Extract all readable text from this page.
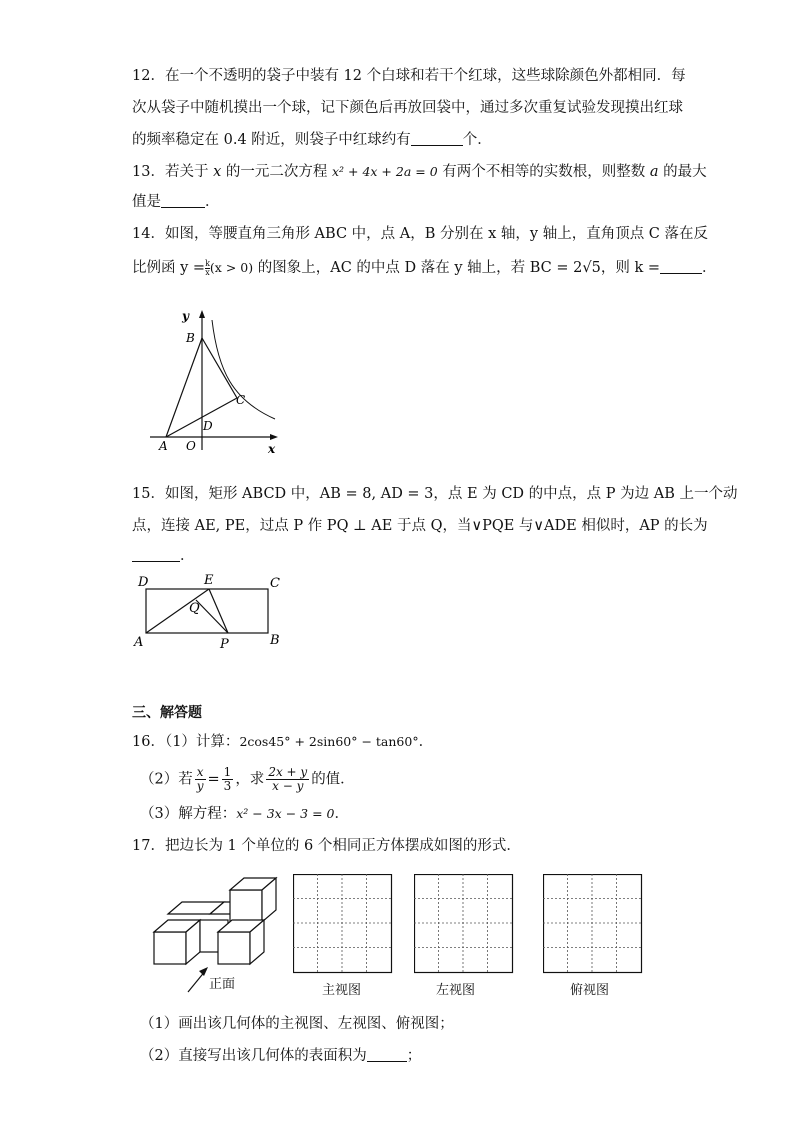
12．在一个不透明的袋子中装有 12 个白球和若干个红球，这些球除颜色外都相同．每
次从袋子中随机摸出一个球，记下颜色后再放回袋中，通过多次重复试验发现摸出红球
的频率稳定在 0.4 附近，则袋子中红球约有	个．
13．若关于 x 的一元二次方程 x² + 4x + 2a = 0 有两个不相等的实数根，则整数 a 的最大
值是	．
14．如图，等腰直角三角形 ABC 中，点 A，B 分别在 x 轴，y 轴上，直角顶点 C 落在反
比例函 $y = \frac{k}{x}(x > 0)$ 的图象上，AC 的中点 D 落在 y 轴上，若 BC = 2√5，则 k =	．
y
x
B
C
D
A O
15．如图，矩形 ABCD 中，AB = 8, AD = 3，点 E 为 CD 的中点，点 P 为边 AB 上一个动
点，连接 AE, PE，过点 P 作 PQ ⊥ AE 于点 Q，当∨PQE 与∨ADE 相似时，AP 的长为
．
D	E	C
Q
A	P	B
三、解答题
16．（1）计算：2cos45° + 2sin60° − tan60°．
（2）若 $\frac{x}{y} = \frac{1}{3}$ ，求 $\frac{2x + y}{x - y}$ 的值．
（3）解方程：x² − 3x − 3 = 0．
17．把边长为 1 个单位的 6 个相同正方体摆成如图的形式．
正面	主视图	左视图	俯视图
（1）画出该几何体的主视图、左视图、俯视图；
（2）直接写出该几何体的表面积为	；
